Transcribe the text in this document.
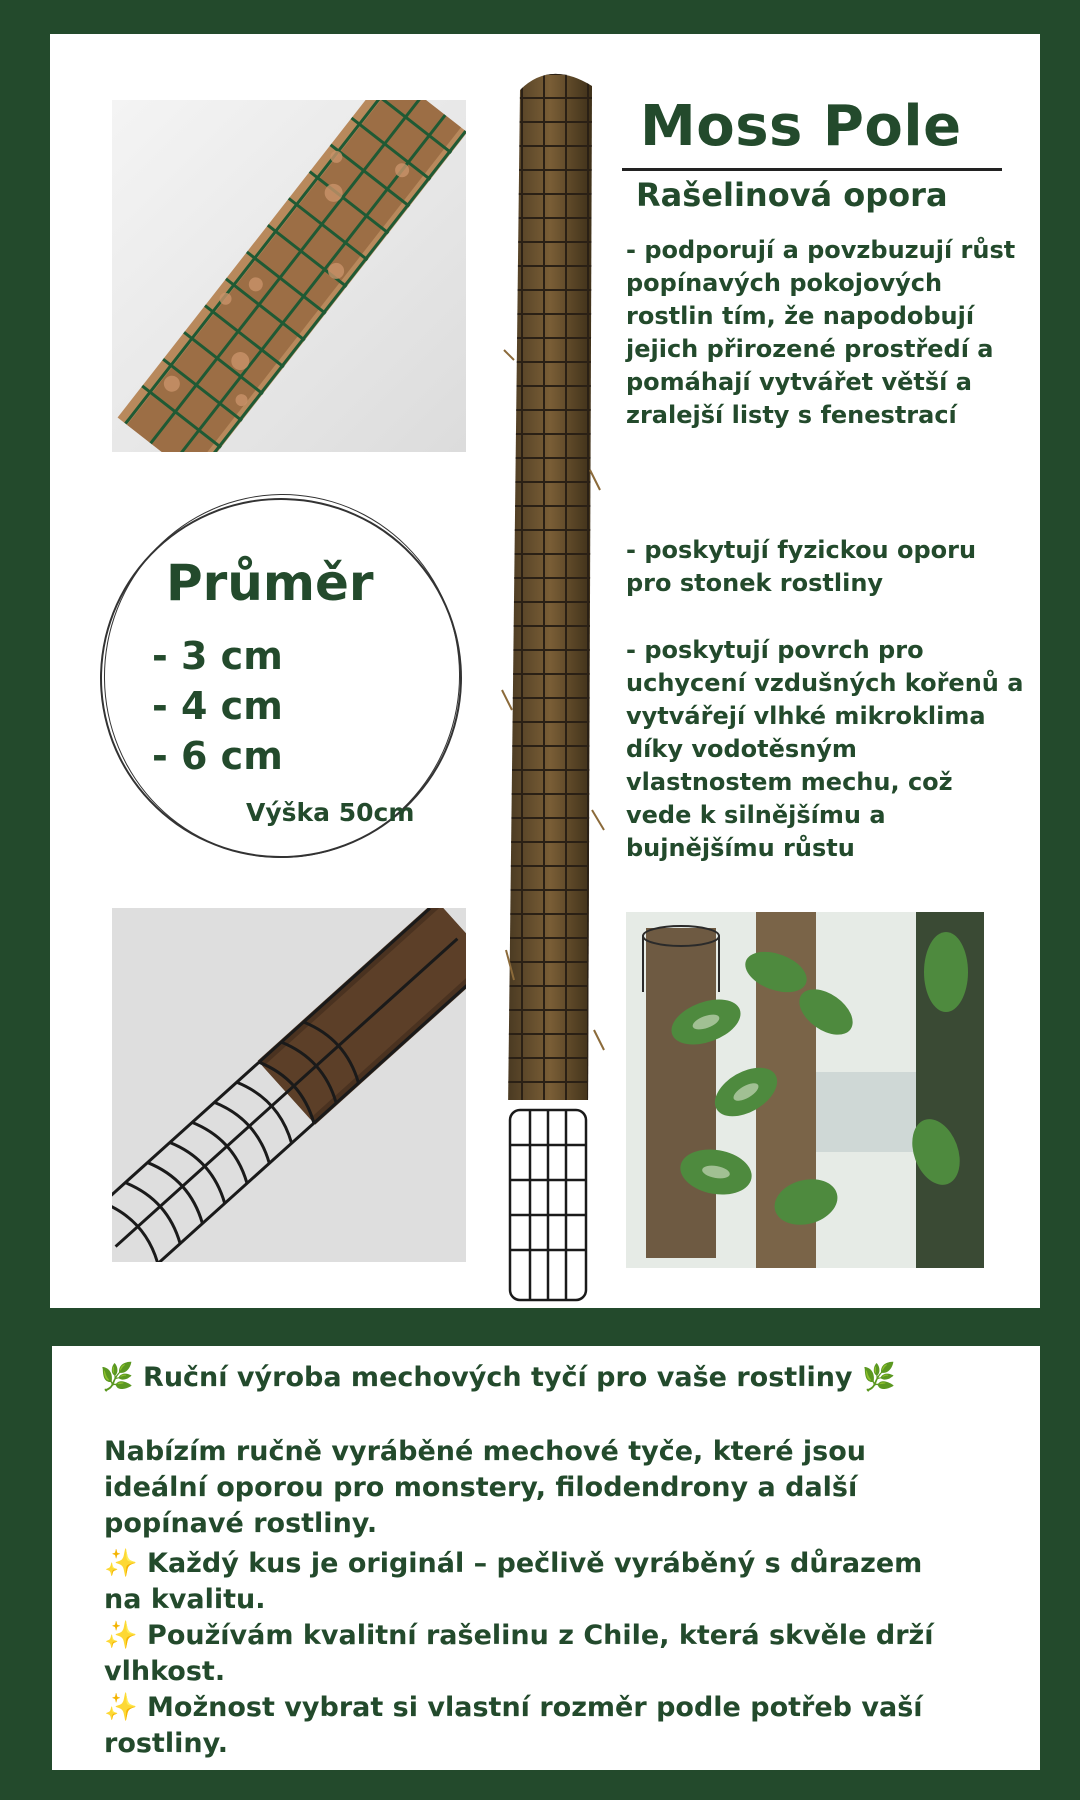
Průměr
- 3 cm
- 4 cm
- 6 cm
Výška 50cm
Moss Pole
Rašelinová opora
- podporují a povzbuzují růst popínavých pokojových rostlin tím, že napodobují jejich přirozené prostředí a pomáhají vytvářet větší a zralejší listy s fenestrací
- poskytují fyzickou oporu pro stonek rostliny
- poskytují povrch pro uchycení vzdušných kořenů a vytvářejí vlhké mikroklima díky vodotěsným vlastnostem mechu, což vede k silnějšímu a bujnějšímu růstu
🌿 Ruční výroba mechových tyčí pro vaše rostliny 🌿
Nabízím ručně vyráběné mechové tyče, které jsou ideální oporou pro monstery, filodendrony a další popínavé rostliny.
✨ Každý kus je originál – pečlivě vyráběný s důrazem na kvalitu.
✨ Používám kvalitní rašelinu z Chile, která skvěle drží vlhkost.
✨ Možnost vybrat si vlastní rozměr podle potřeb vaší rostliny.
